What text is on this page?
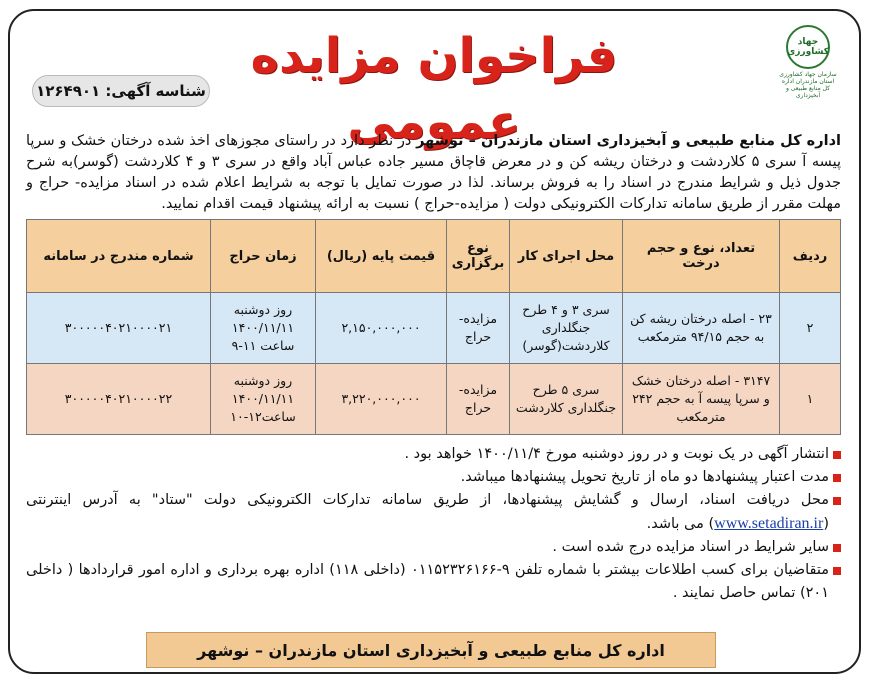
جهاد کشاورزی
سازمان جهاد کشاورزی استان مازندران اداره کل منابع طبیعی و آبخیزداری
فراخوان مزایده عمومی
شناسه آگهی: ۱۲۶۴۹۰۱
اداره کل منابع طبیعی و آبخیزداری استان مازندران – نوشهر در نظر دارد در راستای مجوزهای اخذ شده درختان خشک و سرپا پیسه آ سری ۵ کلاردشت و درختان ریشه کن و در معرض قاچاق مسیر جاده عباس آباد واقع در سری ۳ و ۴ کلاردشت (گوسر)به شرح جدول ذیل و شرایط مندرج در اسناد را به فروش برساند. لذا در صورت تمایل با توجه به شرایط اعلام شده در اسناد مزایده- حراج و مهلت مقرر از طریق سامانه تدارکات الکترونیکی دولت ( مزایده-حراج ) نسبت به ارائه پیشنهاد قیمت اقدام نمایید.
ردیف	تعداد، نوع و حجم درخت	محل اجرای کار	نوع برگزاری	قیمت پایه (ریال)	زمان حراج	شماره مندرج در سامانه
۲	۲۳ - اصله درختان ریشه کن به حجم ۹۴/۱۵ مترمکعب	سری ۳ و ۴ طرح جنگلداری کلاردشت(گوسر)	مزایده- حراج	۲,۱۵۰,۰۰۰,۰۰۰	روز دوشنبه ۱۴۰۰/۱۱/۱۱ ساعت ۱۱-۹	۳۰۰۰۰۰۴۰۲۱۰۰۰۰۲۱
۱	۳۱۴۷ - اصله درختان خشک و سرپا پیسه آ به حجم ۲۴۲ مترمکعب	سری ۵ طرح جنگلداری کلاردشت	مزایده- حراج	۳,۲۲۰,۰۰۰,۰۰۰	روز دوشنبه ۱۴۰۰/۱۱/۱۱ ساعت۱۲-۱۰	۳۰۰۰۰۰۴۰۲۱۰۰۰۰۲۲
انتشار آگهی در یک نوبت و در روز دوشنبه مورخ ۱۴۰۰/۱۱/۴ خواهد بود .
مدت اعتبار پیشنهادها دو ماه از تاریخ تحویل پیشنهادها میباشد.
محل دریافت اسناد، ارسال و گشایش پیشنهادها، از طریق سامانه تدارکات الکترونیکی دولت "ستاد" به آدرس اینترنتی (www.setadiran.ir) می باشد.
سایر شرایط در اسناد مزایده درج شده است .
متقاضیان برای کسب اطلاعات بیشتر با شماره تلفن ۹-۰۱۱۵۲۳۲۶۱۶۶ (داخلی ۱۱۸) اداره بهره برداری و اداره امور قراردادها ( داخلی ۲۰۱) تماس حاصل نمایند .
اداره کل منابع طبیعی و آبخیزداری استان مازندران – نوشهر
